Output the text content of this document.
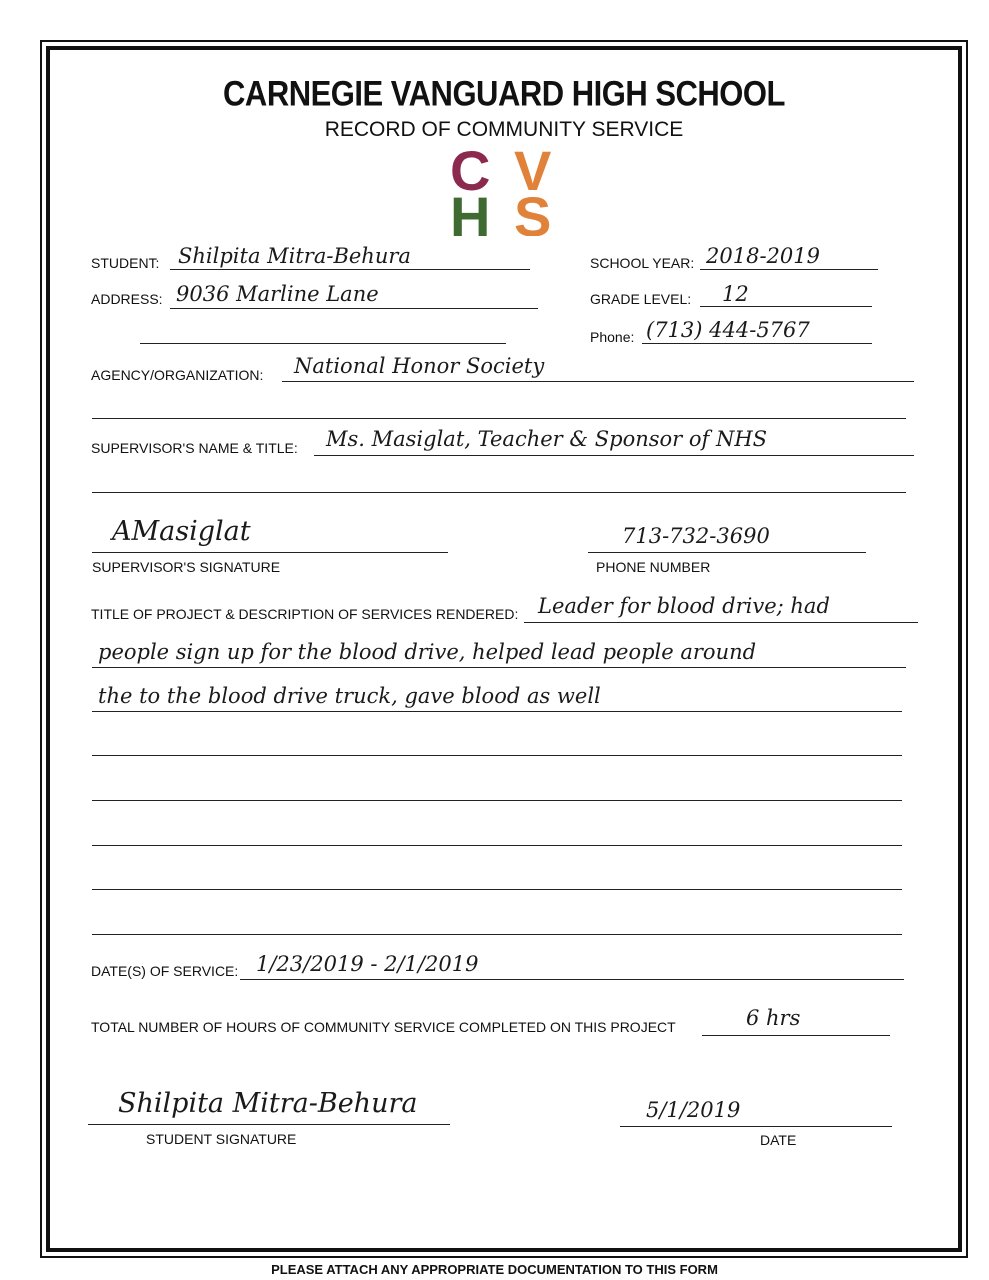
CARNEGIE VANGUARD HIGH SCHOOL
RECORD OF COMMUNITY SERVICE
C V
H S
STUDENT: Shilpita Mitra-Behura	SCHOOL YEAR: 2018-2019
ADDRESS: 9036 Marline Lane	GRADE LEVEL: 12
Phone: (713) 444-5767
AGENCY/ORGANIZATION: National Honor Society
SUPERVISOR'S NAME & TITLE: Ms. Masiglat, Teacher & Sponsor of NHS
AMasiglat
SUPERVISOR'S SIGNATURE
713-732-3690
PHONE NUMBER
TITLE OF PROJECT & DESCRIPTION OF SERVICES RENDERED: Leader for blood drive; had
people sign up for the blood drive, helped lead people around
the to the blood drive truck, gave blood as well
DATE(S) OF SERVICE: 1/23/2019 - 2/1/2019
TOTAL NUMBER OF HOURS OF COMMUNITY SERVICE COMPLETED ON THIS PROJECT	6 hrs
Shilpita Mitra-Behura
STUDENT SIGNATURE
5/1/2019
DATE
PLEASE ATTACH ANY APPROPRIATE DOCUMENTATION TO THIS FORM
